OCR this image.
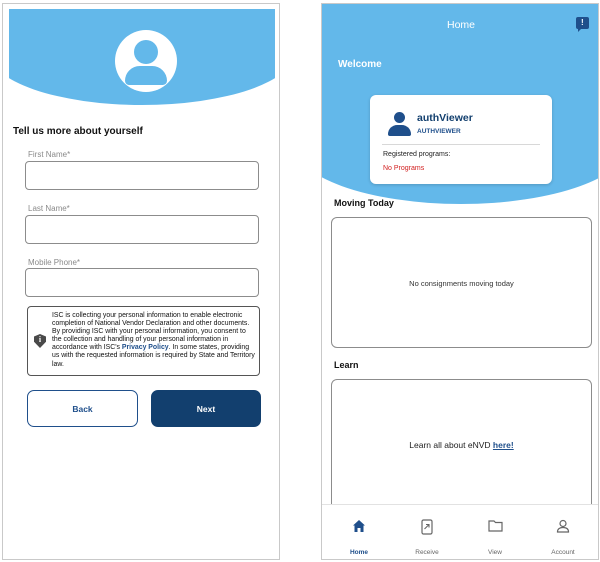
Tell us more about yourself
First Name*
Last Name*
Mobile Phone*
i
ISC is collecting your personal information to enable electronic completion of National Vendor Declaration and other documents. By providing ISC with your personal information, you consent to the collection and handling of your personal information in accordance with ISC's Privacy Policy. In some states, providing us with the requested information is required by State and Territory law.
Back	Next
Home	!
Welcome
authViewer
AUTHVIEWER
Registered programs:
No Programs
Moving Today
No consignments moving today
Learn
Learn all about eNVD here!
Home	Receive	View	Account
